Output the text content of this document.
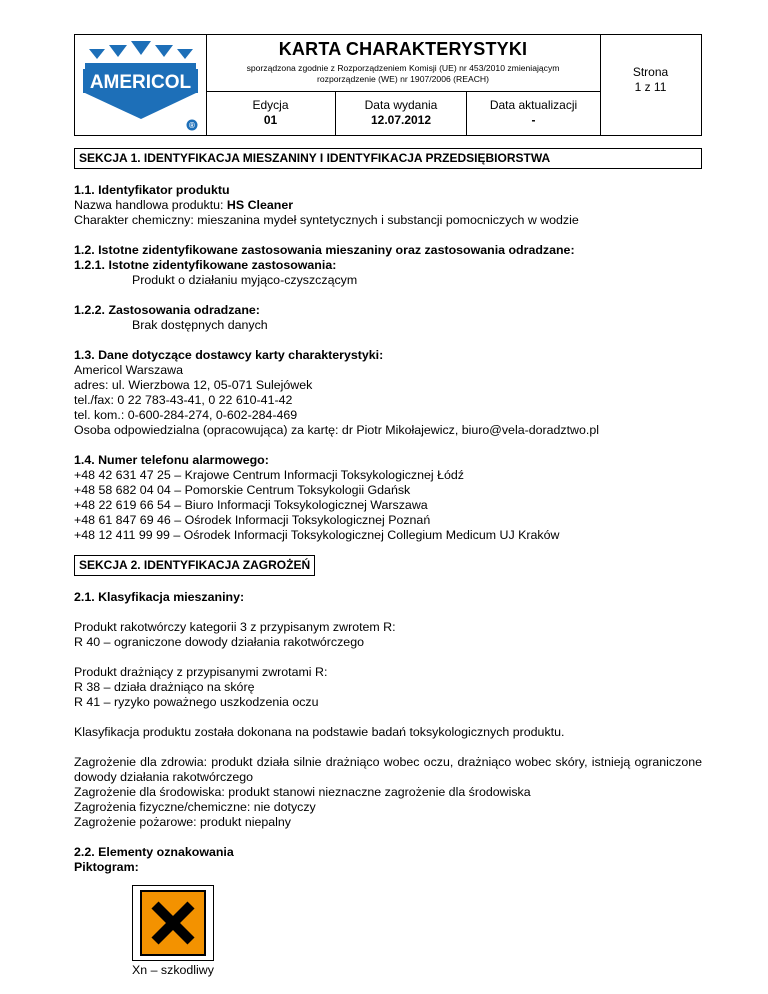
AMERICOL
®
KARTA CHARAKTERYSTYKI
sporządzona zgodnie z Rozporządzeniem Komisji (UE) nr 453/2010 zmieniającym rozporządzenie (WE) nr 1907/2006 (REACH)
Edycja
01
Data wydania
12.07.2012
Data aktualizacji
-
Strona
1 z 11
SEKCJA 1. IDENTYFIKACJA MIESZANINY I IDENTYFIKACJA PRZEDSIĘBIORSTWA
1.1. Identyfikator produktu
Nazwa handlowa produktu: HS Cleaner
Charakter chemiczny: mieszanina mydeł syntetycznych i substancji pomocniczych w wodzie
1.2. Istotne zidentyfikowane zastosowania mieszaniny oraz zastosowania odradzane:
1.2.1. Istotne zidentyfikowane zastosowania:
Produkt o działaniu myjąco-czyszczącym
1.2.2. Zastosowania odradzane:
Brak dostępnych danych
1.3. Dane dotyczące dostawcy karty charakterystyki:
Americol Warszawa
adres: ul. Wierzbowa 12, 05-071 Sulejówek
tel./fax: 0 22 783-43-41, 0 22 610-41-42
tel. kom.: 0-600-284-274, 0-602-284-469
Osoba odpowiedzialna (opracowująca) za kartę: dr Piotr Mikołajewicz, biuro@vela-doradztwo.pl
1.4. Numer telefonu alarmowego:
+48 42 631 47 25 – Krajowe Centrum Informacji Toksykologicznej Łódź
+48 58 682 04 04 – Pomorskie Centrum Toksykologii Gdańsk
+48 22 619 66 54 – Biuro Informacji Toksykologicznej Warszawa
+48 61 847 69 46 – Ośrodek Informacji Toksykologicznej Poznań
+48 12 411 99 99 – Ośrodek Informacji Toksykologicznej Collegium Medicum UJ Kraków
SEKCJA 2. IDENTYFIKACJA ZAGROŻEŃ
2.1. Klasyfikacja mieszaniny:
Produkt rakotwórczy kategorii 3 z przypisanym zwrotem R:
R 40 – ograniczone dowody działania rakotwórczego
Produkt drażniący z przypisanymi zwrotami R:
R 38 – działa drażniąco na skórę
R 41 – ryzyko poważnego uszkodzenia oczu
Klasyfikacja produktu została dokonana na podstawie badań toksykologicznych produktu.
Zagrożenie dla zdrowia: produkt działa silnie drażniąco wobec oczu, drażniąco wobec skóry, istnieją ograniczone dowody działania rakotwórczego
Zagrożenie dla środowiska: produkt stanowi nieznaczne zagrożenie dla środowiska
Zagrożenia fizyczne/chemiczne: nie dotyczy
Zagrożenie pożarowe: produkt niepalny
2.2. Elementy oznakowania
Piktogram:
Xn – szkodliwy
